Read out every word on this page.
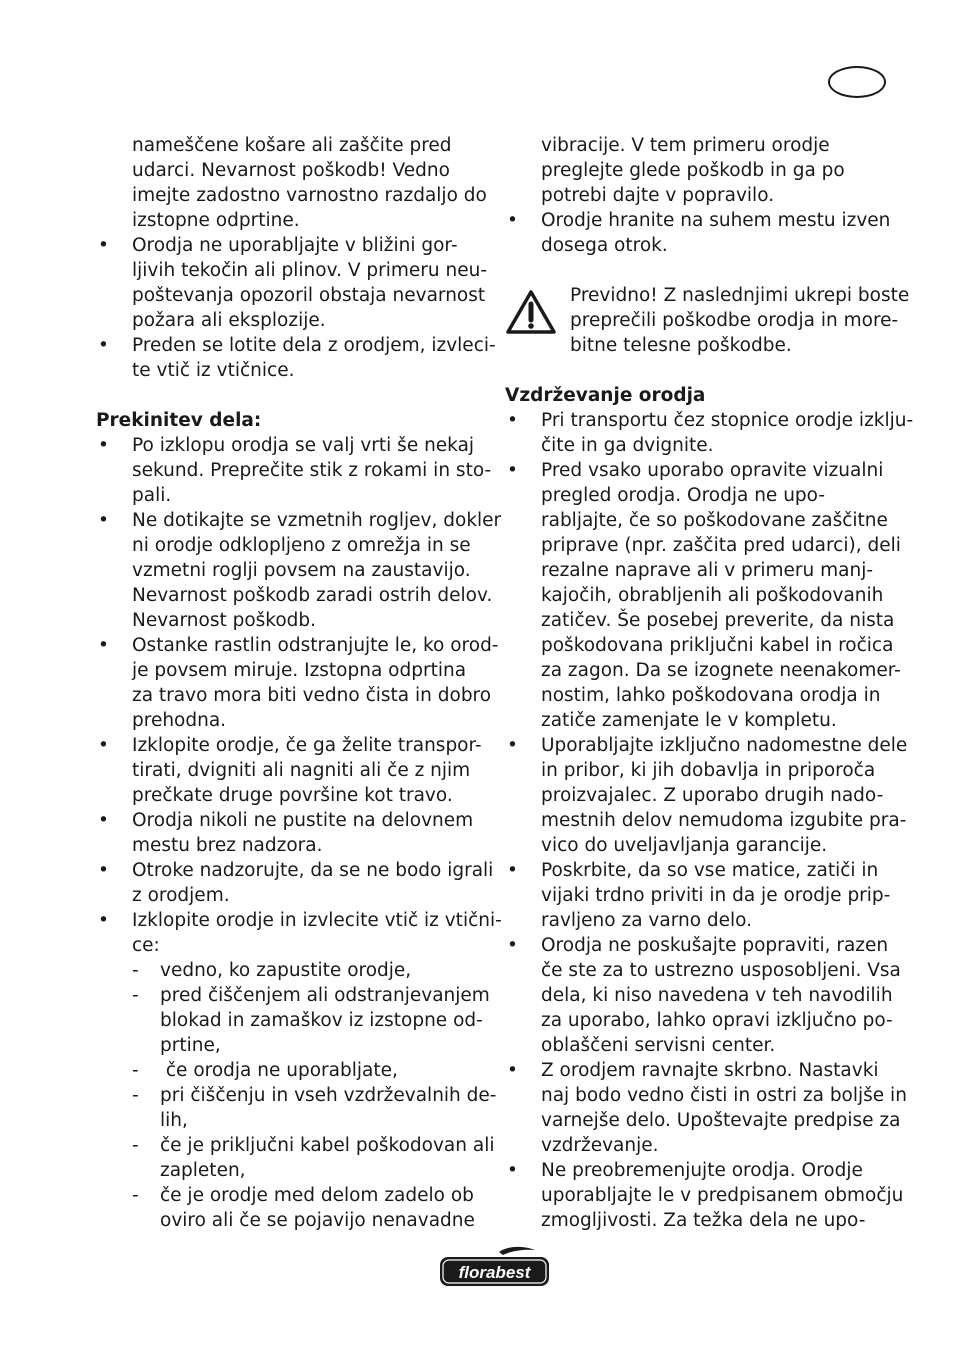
nameščene košare ali zaščite pred
udarci. Nevarnost poškodb! Vedno
imejte zadostno varnostno razdaljo do
izstopne odprtine.
• Orodja ne uporabljajte v bližini gor-
ljivih tekočin ali plinov. V primeru neu-
poštevanja opozoril obstaja nevarnost
požara ali eksplozije.
• Preden se lotite dela z orodjem, izvleci-
te vtič iz vtičnice.
Prekinitev dela:
• Po izklopu orodja se valj vrti še nekaj
sekund. Preprečite stik z rokami in sto-
pali.
• Ne dotikajte se vzmetnih rogljev, dokler
ni orodje odklopljeno z omrežja in se
vzmetni roglji povsem na zaustavijo.
Nevarnost poškodb zaradi ostrih delov.
Nevarnost poškodb.
• Ostanke rastlin odstranjujte le, ko orod-
je povsem miruje. Izstopna odprtina
za travo mora biti vedno čista in dobro
prehodna.
• Izklopite orodje, če ga želite transpor-
tirati, dvigniti ali nagniti ali če z njim
prečkate druge površine kot travo.
• Orodja nikoli ne pustite na delovnem
mestu brez nadzora.
• Otroke nadzorujte, da se ne bodo igrali
z orodjem.
• Izklopite orodje in izvlecite vtič iz vtični-
ce:
- vedno, ko zapustite orodje,
- pred čiščenjem ali odstranjevanjem
blokad in zamaškov iz izstopne od-
prtine,
- če orodja ne uporabljate,
- pri čiščenju in vseh vzdrževalnih de-
lih,
- če je priključni kabel poškodovan ali
zapleten,
- če je orodje med delom zadelo ob
oviro ali če se pojavijo nenavadne
vibracije. V tem primeru orodje
preglejte glede poškodb in ga po
potrebi dajte v popravilo.
• Orodje hranite na suhem mestu izven
dosega otrok.
Previdno! Z naslednjimi ukrepi boste
preprečili poškodbe orodja in more-
bitne telesne poškodbe.
Vzdrževanje orodja
• Pri transportu čez stopnice orodje izklju-
čite in ga dvignite.
• Pred vsako uporabo opravite vizualni
pregled orodja. Orodja ne upo-
rabljajte, če so poškodovane zaščitne
priprave (npr. zaščita pred udarci), deli
rezalne naprave ali v primeru manj-
kajočih, obrabljenih ali poškodovanih
zatičev. Še posebej preverite, da nista
poškodovana priključni kabel in ročica
za zagon. Da se izognete neenakomer-
nostim, lahko poškodovana orodja in
zatiče zamenjate le v kompletu.
• Uporabljajte izključno nadomestne dele
in pribor, ki jih dobavlja in priporoča
proizvajalec. Z uporabo drugih nado-
mestnih delov nemudoma izgubite pra-
vico do uveljavljanja garancije.
• Poskrbite, da so vse matice, zatiči in
vijaki trdno priviti in da je orodje prip-
ravljeno za varno delo.
• Orodja ne poskušajte popraviti, razen
če ste za to ustrezno usposobljeni. Vsa
dela, ki niso navedena v teh navodilih
za uporabo, lahko opravi izključno po-
oblaščeni servisni center.
• Z orodjem ravnajte skrbno. Nastavki
naj bodo vedno čisti in ostri za boljše in
varnejše delo. Upoštevajte predpise za
vzdrževanje.
• Ne preobremenjujte orodja. Orodje
uporabljajte le v predpisanem območju
zmogljivosti. Za težka dela ne upo-
florabest
